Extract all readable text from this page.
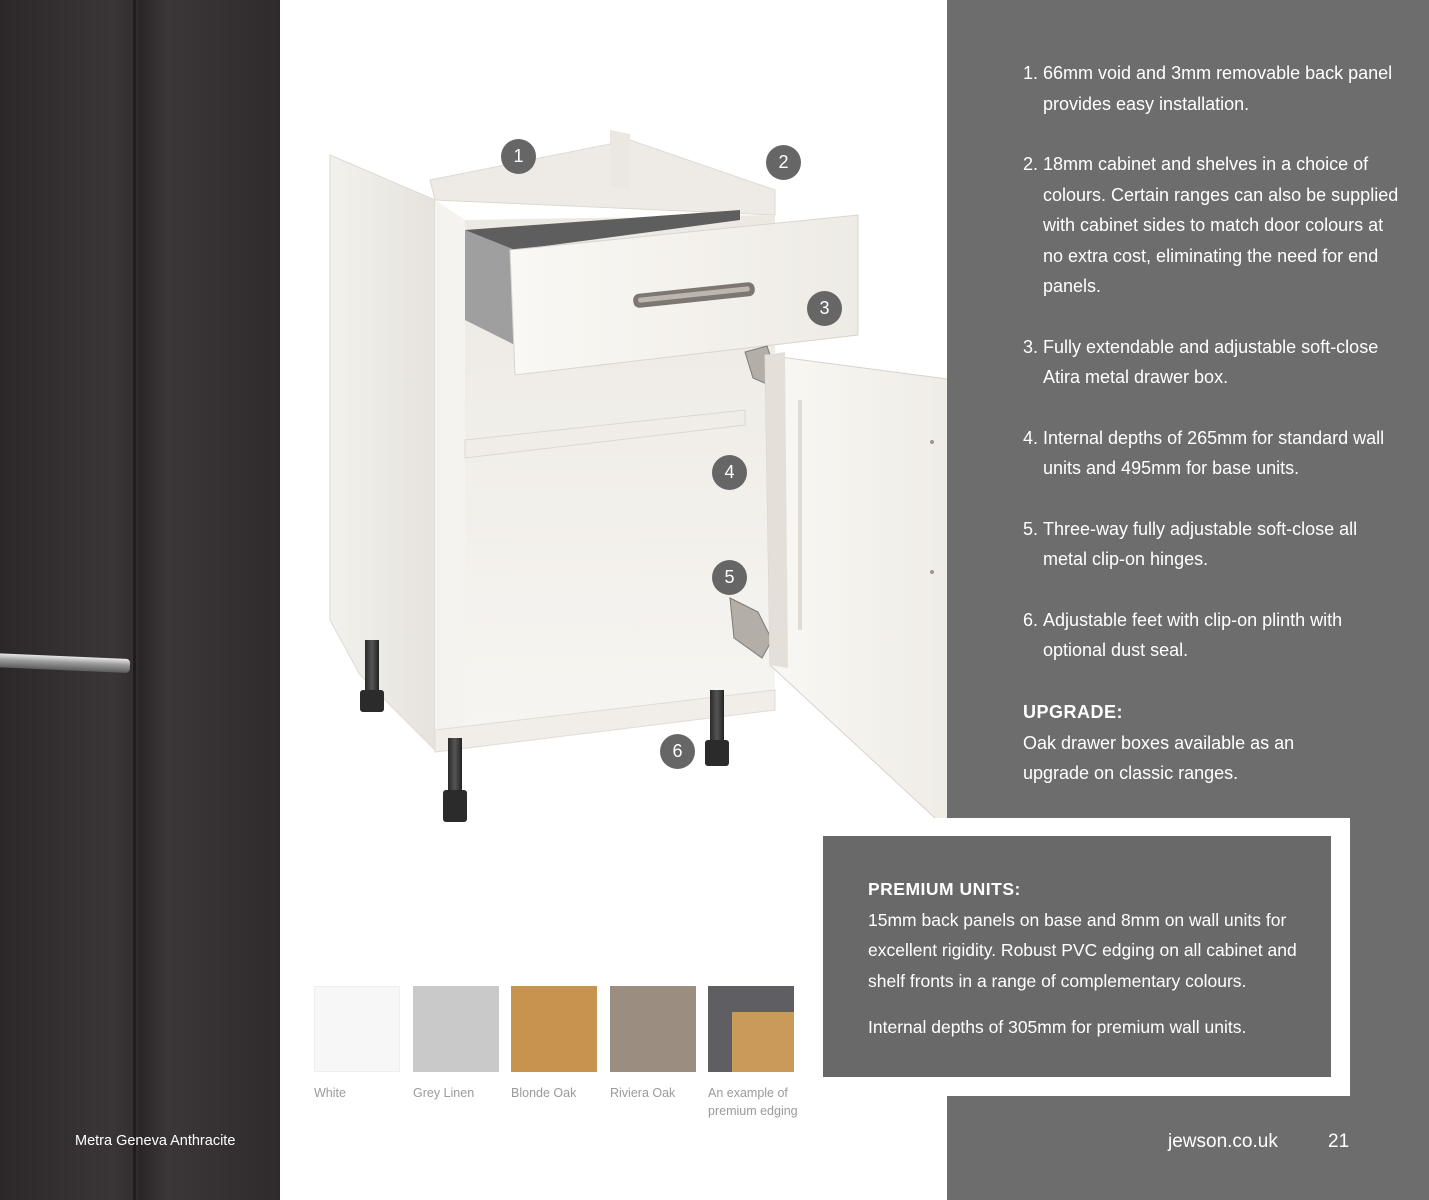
Metra Geneva Anthracite
1	2
3
4
5
6
White	Grey Linen	Blonde Oak	Riviera Oak	An example of premium edging
1. 66mm void and 3mm removable back panel provides easy installation.
2. 18mm cabinet and shelves in a choice of colours. Certain ranges can also be supplied with cabinet sides to match door colours at no extra cost, eliminating the need for end panels.
3. Fully extendable and adjustable soft-close Atira metal drawer box.
4. Internal depths of 265mm for standard wall units and 495mm for base units.
5. Three-way fully adjustable soft-close all metal clip-on hinges.
6. Adjustable feet with clip-on plinth with optional dust seal.
UPGRADE:
Oak drawer boxes available as an upgrade on classic ranges.
PREMIUM UNITS:
15mm back panels on base and 8mm on wall units for excellent rigidity. Robust PVC edging on all cabinet and shelf fronts in a range of complementary colours.
Internal depths of 305mm for premium wall units.
jewson.co.uk	21
